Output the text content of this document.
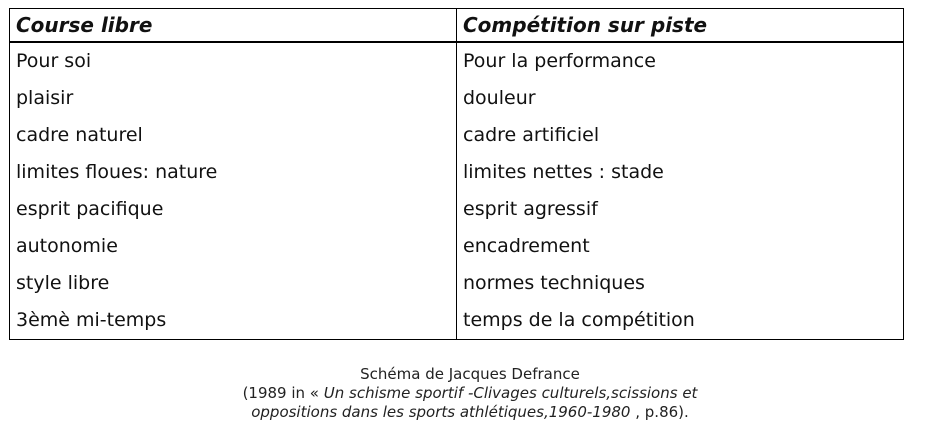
Course libre	Compétition sur piste
Pour soi	Pour la performance
plaisir	douleur
cadre naturel	cadre artificiel
limites floues: nature	limites nettes : stade
esprit pacifique	esprit agressif
autonomie	encadrement
style libre	normes techniques
3èmè mi-temps	temps de la compétition
Schéma de Jacques Defrance
(1989 in « Un schisme sportif -Clivages culturels,scissions et
oppositions dans les sports athlétiques,1960-1980 , p.86).
